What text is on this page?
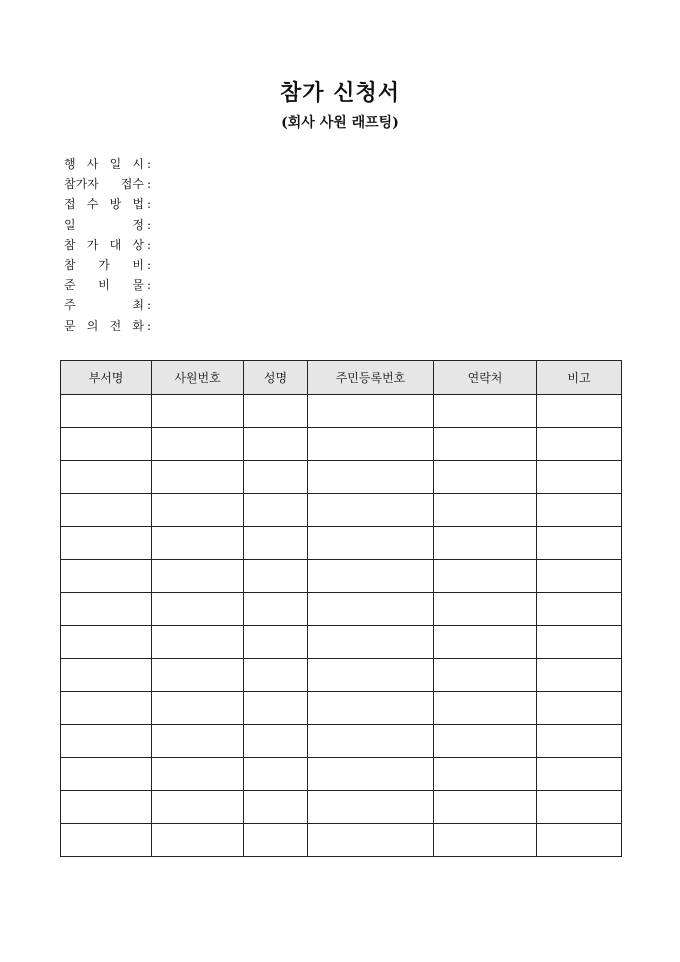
참가 신청서
(회사 사원 래프팅)
행 사 일 시 :
참가자 접수 :
접 수 방 법 :
일 정 :
참 가 대 상 :
참 가 비 :
준 비 물 :
주 최 :
문 의 전 화 :
부서명	사원번호	성명	주민등록번호	연락처	비고
